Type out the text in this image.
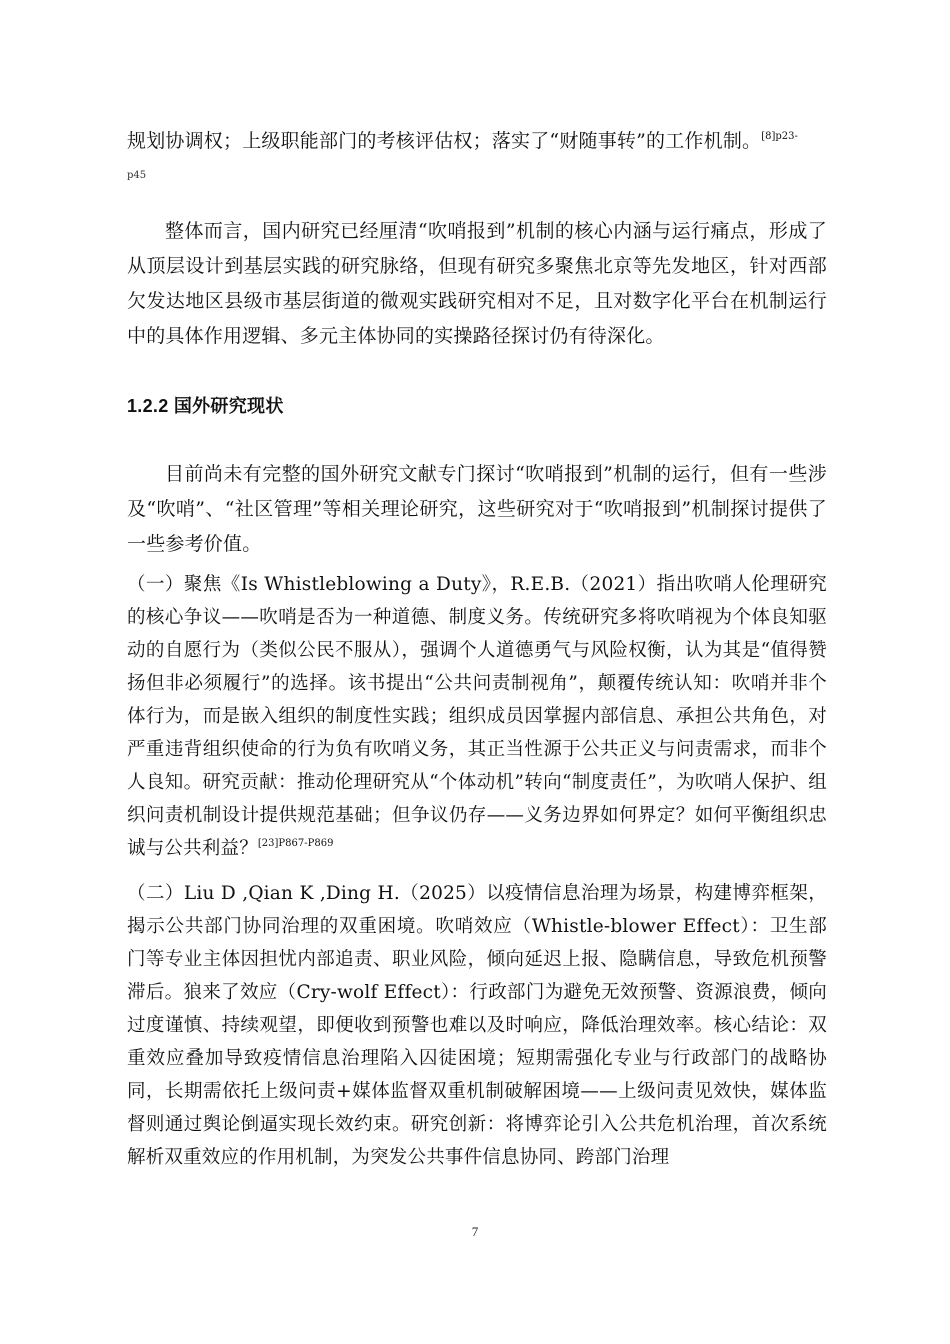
规划协调权；上级职能部门的考核评估权；落实了“财随事转”的工作机制。$^{[8]p23-}$

p45

整体而言，国内研究已经厘清“吹哨报到”机制的核心内涵与运行痛点，形成了从顶层设计到基层实践的研究脉络，但现有研究多聚焦北京等先发地区，针对西部欠发达地区县级市基层街道的微观实践研究相对不足，且对数字化平台在机制运行中的具体作用逻辑、多元主体协同的实操路径探讨仍有待深化。

1.2.2 国外研究现状

目前尚未有完整的国外研究文献专门探讨“吹哨报到”机制的运行，但有一些涉及“吹哨”、“社区管理”等相关理论研究，这些研究对于“吹哨报到”机制探讨提供了一些参考价值。

（一）聚焦《Is Whistleblowing a Duty》，R.E.B.（2021）指出吹哨人伦理研究的核心争议——吹哨是否为一种道德、制度义务。传统研究多将吹哨视为个体良知驱动的自愿行为（类似公民不服从），强调个人道德勇气与风险权衡，认为其是“值得赞扬但非必须履行”的选择。该书提出“公共问责制视角”，颠覆传统认知：吹哨并非个体行为，而是嵌入组织的制度性实践；组织成员因掌握内部信息、承担公共角色，对严重违背组织使命的行为负有吹哨义务，其正当性源于公共正义与问责需求，而非个人良知。研究贡献：推动伦理研究从“个体动机”转向“制度责任”，为吹哨人保护、组织问责机制设计提供规范基础；但争议仍存——义务边界如何界定？如何平衡组织忠诚与公共利益？$^{[23]P867-P869}$

（二）Liu D ,Qian K ,Ding H.（2025）以疫情信息治理为场景，构建博弈框架，揭示公共部门协同治理的双重困境。吹哨效应（Whistle-blower Effect）：卫生部门等专业主体因担忧内部追责、职业风险，倾向延迟上报、隐瞒信息，导致危机预警滞后。狼来了效应（Cry-wolf Effect）：行政部门为避免无效预警、资源浪费，倾向过度谨慎、持续观望，即便收到预警也难以及时响应，降低治理效率。核心结论：双重效应叠加导致疫情信息治理陷入囚徒困境；短期需强化专业与行政部门的战略协同，长期需依托上级问责+媒体监督双重机制破解困境——上级问责见效快，媒体监督则通过舆论倒逼实现长效约束。研究创新：将博弈论引入公共危机治理，首次系统解析双重效应的作用机制，为突发公共事件信息协同、跨部门治理

7
